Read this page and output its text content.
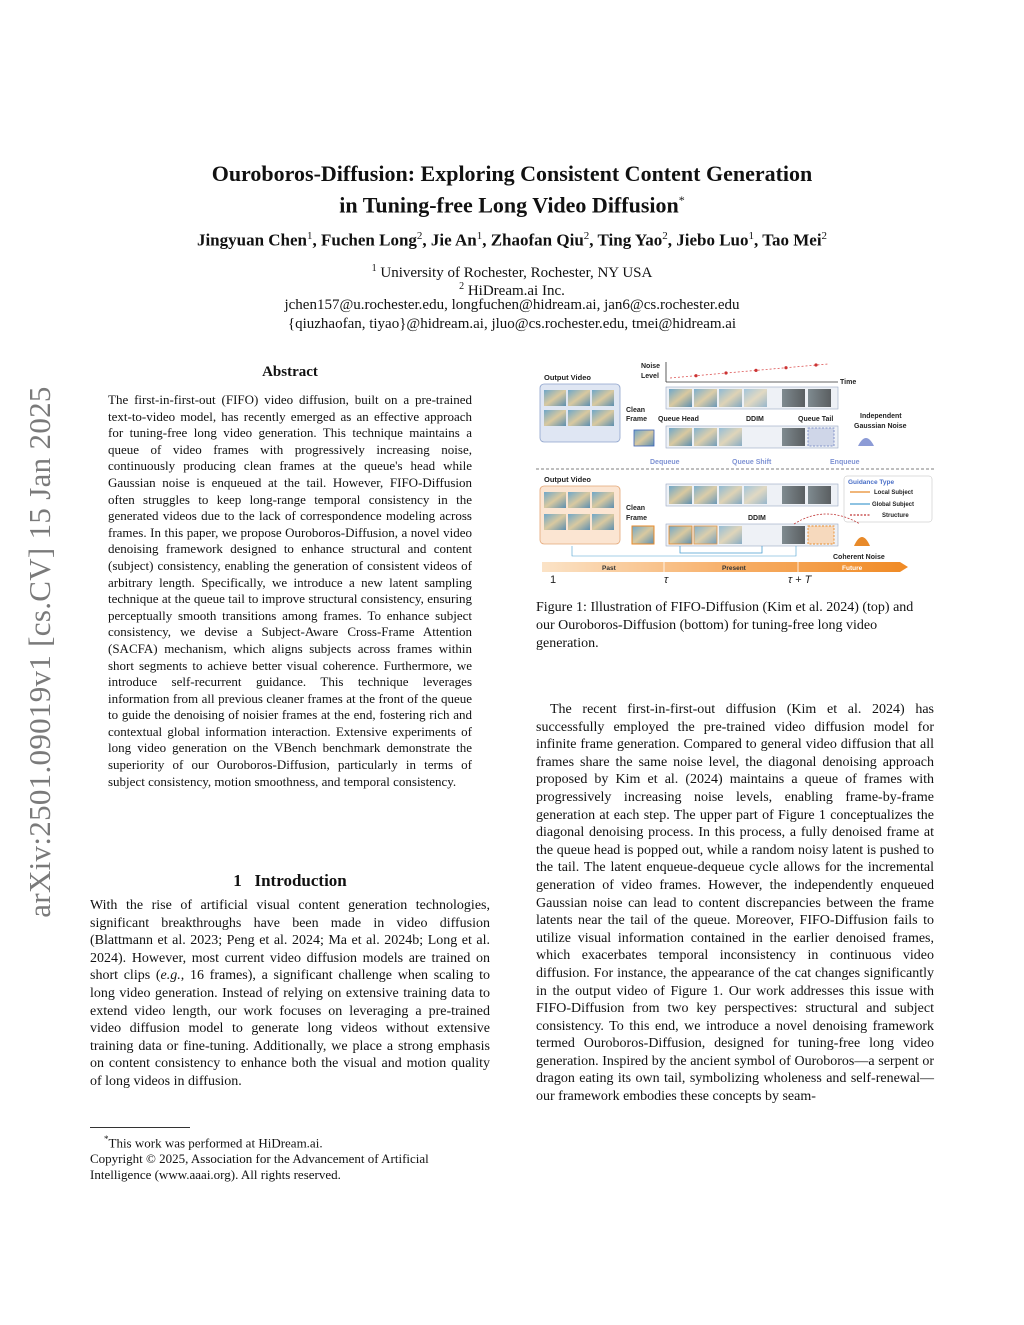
arXiv:2501.09019v1 [cs.CV] 15 Jan 2025
Ouroboros-Diffusion: Exploring Consistent Content Generation
in Tuning-free Long Video Diffusion*
Jingyuan Chen$^1$, Fuchen Long$^2$, Jie An$^1$, Zhaofan Qiu$^2$, Ting Yao$^2$, Jiebo Luo$^1$, Tao Mei$^2$
$^1$ University of Rochester, Rochester, NY USA
$^2$ HiDream.ai Inc.
jchen157@u.rochester.edu, longfuchen@hidream.ai, jan6@cs.rochester.edu
{qiuzhaofan, tiyao}@hidream.ai, jluo@cs.rochester.edu, tmei@hidream.ai
Abstract

The first-in-first-out (FIFO) video diffusion, built on a pre-trained text-to-video model, has recently emerged as an effective approach for tuning-free long video generation. This technique maintains a queue of video frames with progressively increasing noise, continuously producing clean frames at the queue's head while Gaussian noise is enqueued at the tail. However, FIFO-Diffusion often struggles to keep long-range temporal consistency in the generated videos due to the lack of correspondence modeling across frames. In this paper, we propose Ouroboros-Diffusion, a novel video denoising framework designed to enhance structural and content (subject) consistency, enabling the generation of consistent videos of arbitrary length. Specifically, we introduce a new latent sampling technique at the queue tail to improve structural consistency, ensuring perceptually smooth transitions among frames. To enhance subject consistency, we devise a Subject-Aware Cross-Frame Attention (SACFA) mechanism, which aligns subjects across frames within short segments to achieve better visual coherence. Furthermore, we introduce self-recurrent guidance. This technique leverages information from all previous cleaner frames at the front of the queue to guide the denoising of noisier frames at the end, fostering rich and contextual global information interaction. Extensive experiments of long video generation on the VBench benchmark demonstrate the superiority of our Ouroboros-Diffusion, particularly in terms of subject consistency, motion smoothness, and temporal consistency.

1 Introduction

With the rise of artificial visual content generation technologies, significant breakthroughs have been made in video diffusion (Blattmann et al. 2023; Peng et al. 2024; Ma et al. 2024b; Long et al. 2024). However, most current video diffusion models are trained on short clips (e.g., 16 frames), a significant challenge when scaling to long video generation. Instead of relying on extensive training data to extend video length, our work focuses on leveraging a pre-trained video diffusion model to generate long videos without extensive training data or fine-tuning. Additionally, we place a strong emphasis on content consistency to enhance both the visual and motion quality of long videos in diffusion.

*This work was performed at HiDream.ai.
Copyright © 2025, Association for the Advancement of Artificial Intelligence (www.aaai.org). All rights reserved.
Output Video
Noise
Level
Time
Clean
Frame Queue Head	DDIM	Queue Tail	Independent
Gaussian Noise
Dequeue	Queue Shift	Enqueue
Output Video	Guidance Type
Local Subject
Global Subject
Structure
Clean
Frame	DDIM
Coherent Noise
Past	Present	Future
1	τ	τ + T
Figure 1: Illustration of FIFO-Diffusion (Kim et al. 2024) (top) and our Ouroboros-Diffusion (bottom) for tuning-free long video generation.

The recent first-in-first-out diffusion (Kim et al. 2024) has successfully employed the pre-trained video diffusion model for infinite frame generation. Compared to general video diffusion that all frames share the same noise level, the diagonal denoising approach proposed by Kim et al. (2024) maintains a queue of frames with progressively increasing noise levels, enabling frame-by-frame generation at each step. The upper part of Figure 1 conceptualizes the diagonal denoising process. In this process, a fully denoised frame at the queue head is popped out, while a random noisy latent is pushed to the tail. The latent enqueue-dequeue cycle allows for the incremental generation of video frames. However, the independently enqueued Gaussian noise can lead to content discrepancies between the frame latents near the tail of the queue. Moreover, FIFO-Diffusion fails to utilize visual information contained in the earlier denoised frames, which exacerbates temporal inconsistency in continuous video diffusion. For instance, the appearance of the cat changes significantly in the output video of Figure 1. Our work addresses this issue with FIFO-Diffusion from two key perspectives: structural and subject consistency. To this end, we introduce a novel denoising framework termed Ouroboros-Diffusion, designed for tuning-free long video generation. Inspired by the ancient symbol of Ouroboros—a serpent or dragon eating its own tail, symbolizing wholeness and self-renewal—our framework embodies these concepts by seam-
